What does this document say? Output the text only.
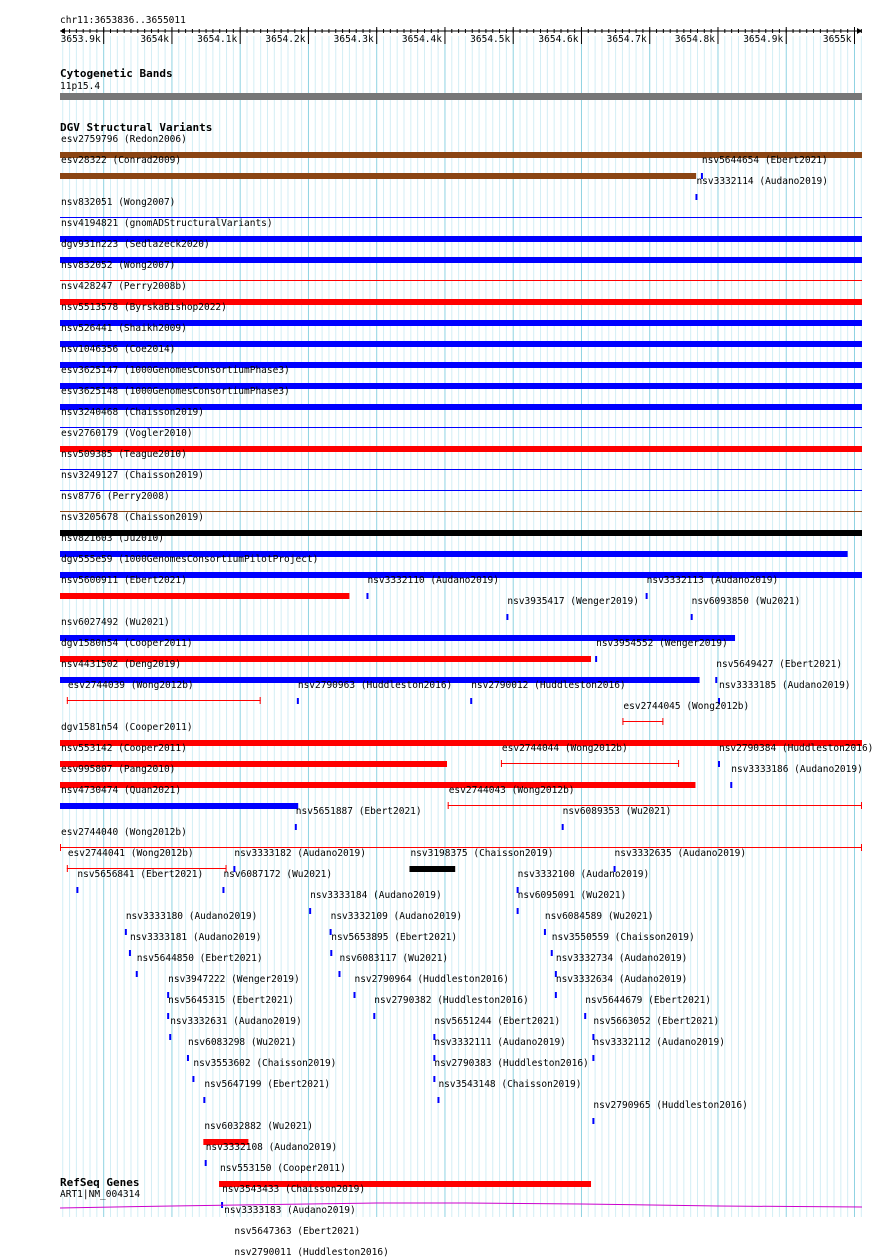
chr11:3653836..3655011
3653.9k	3654k	3654.1k	3654.2k	3654.3k	3654.4k	3654.5k	3654.6k	3654.7k	3654.8k	3654.9k	3655k
Cytogenetic Bands
11p15.4
DGV Structural Variants
esv2759796 (Redon2006)
esv28322 (Conrad2009)
nsv3332114 (Audano2019)
nsv832051 (Wong2007)
nsv4194821 (gnomADStructuralVariants)
dgv931n223 (Sedlazeck2020)
nsv832052 (Wong2007)
nsv428247 (Perry2008b)
nsv5513578 (ByrskaBishop2022)
nsv526441 (Shaikh2009)
nsv1046356 (Coe2014)
esv3625147 (1000GenomesConsortiumPhase3)
esv3625148 (1000GenomesConsortiumPhase3)
nsv3240468 (Chaisson2019)
esv2760179 (Vogler2010)
nsv509385 (Teague2010)
nsv3249127 (Chaisson2019)
nsv8776 (Perry2008)
nsv3205678 (Chaisson2019)
nsv821603 (Ju2010)
dgv555e59 (1000GenomesConsortiumPilotProject)
nsv5600911 (Ebert2021)	nsv3332110 (Audano2019)
nsv3935417 (Wenger2019)
nsv3332113 (Audano2019)
nsv6027492 (Wu2021)
dgv1580n54 (Cooper2011)	nsv3954552 (Wenger2019)
nsv4431502 (Deng2019)
nsv5644654 (Ebert2021)
esv2744039 (Wong2012b)	nsv2790963 (Huddleston2016) nsv2790012 (Huddleston2016)
esv2744045 (Wong2012b)
dgv1581n54 (Cooper2011)
nsv553142 (Cooper2011)	esv2744044 (Wong2012b)
nsv6093850 (Wu2021)
esv995807 (Pang2010)
nsv5649427 (Ebert2021)
nsv4730474 (Quan2021)
nsv5651887 (Ebert2021)
esv2744043 (Wong2012b)
esv2744040 (Wong2012b)
esv2744041 (Wong2012b)	nsv3333182 (Audano2019)	nsv3198375 (Chaisson2019)
nsv6089353 (Wu2021)
nsv3333185 (Audano2019)
nsv5656841 (Ebert2021) nsv6087172 (Wu2021)
nsv3333184 (Audano2019)
nsv3332100 (Audano2019)
nsv2790384 (Huddleston2016)
nsv3333180 (Audano2019)	nsv3332109 (Audano2019)
nsv6095091 (Wu2021)
nsv3332635 (Audano2019)
nsv3333181 (Audano2019)	nsv5653895 (Ebert2021)
nsv6084589 (Wu2021)
nsv3333186 (Audano2019)
nsv5644850 (Ebert2021)	nsv6083117 (Wu2021)
nsv3550559 (Chaisson2019)
nsv3947222 (Wenger2019)	nsv2790964 (Huddleston2016)
nsv3332734 (Audano2019)
nsv5645315 (Ebert2021)	nsv2790382 (Huddleston2016)
nsv3332634 (Audano2019)
nsv3332631 (Audano2019)	nsv5651244 (Ebert2021)
nsv5644679 (Ebert2021)
nsv6083298 (Wu2021)	nsv3332111 (Audano2019)
nsv5663052 (Ebert2021)
nsv3553602 (Chaisson2019)	nsv2790383 (Huddleston2016)
nsv3332112 (Audano2019)
nsv5647199 (Ebert2021)	nsv3543148 (Chaisson2019)
nsv2790965 (Huddleston2016)
nsv6032882 (Wu2021)
nsv3332108 (Audano2019)
nsv553150 (Cooper2011)
nsv3543433 (Chaisson2019)
nsv3333183 (Audano2019)
nsv5647363 (Ebert2021)
nsv2790011 (Huddleston2016)
RefSeq Genes
ART1|NM_004314
